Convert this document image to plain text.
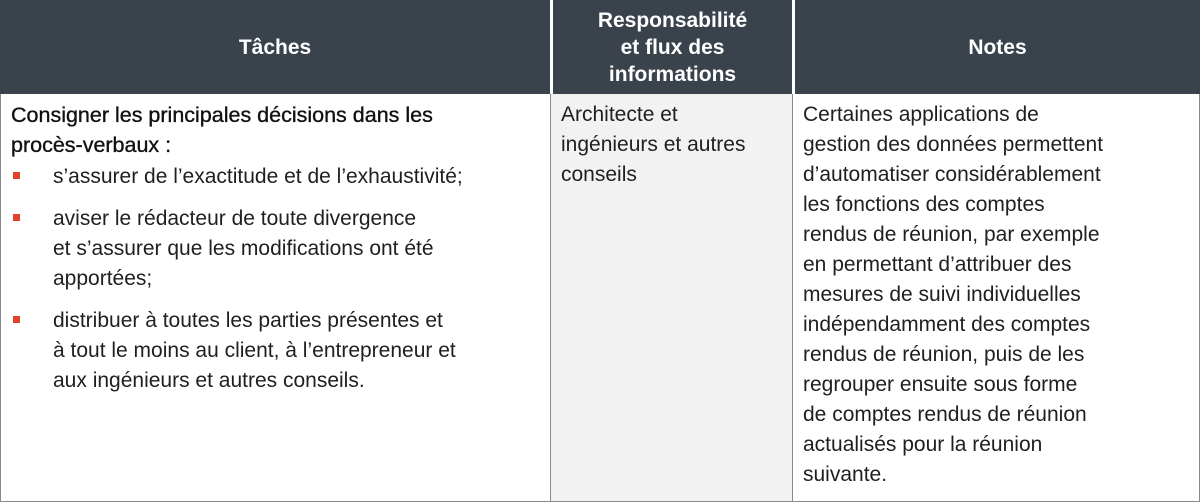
Tâches
Responsabilité
et flux des
informations
Notes

Consigner les principales décisions dans les
procès-verbaux :

s’assurer de l’exactitude et de l’exhaustivité;
aviser le rédacteur de toute divergence
et s’assurer que les modifications ont été
apportées;
distribuer à toutes les parties présentes et
à tout le moins au client, à l’entrepreneur et
aux ingénieurs et autres conseils.
Architecte et
ingénieurs et autres
conseils

Certaines applications de
gestion des données permettent
d’automatiser considérablement
les fonctions des comptes
rendus de réunion, par exemple
en permettant d’attribuer des
mesures de suivi individuelles
indépendamment des comptes
rendus de réunion, puis de les
regrouper ensuite sous forme
de comptes rendus de réunion
actualisés pour la réunion
suivante.
